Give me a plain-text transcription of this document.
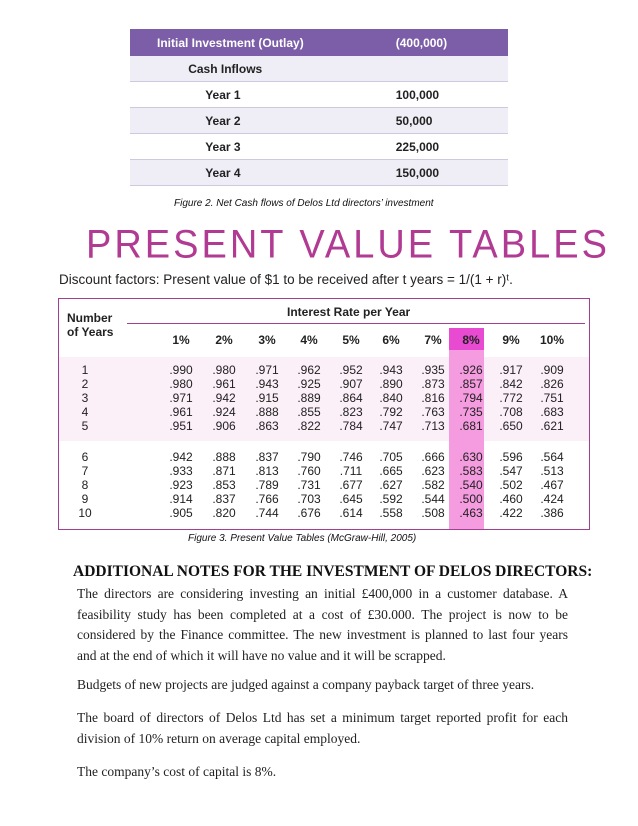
Initial Investment (Outlay)		(400,000)
	Cash Inflows	
	Year 1	100,000
	Year 2	50,000
	Year 3	225,000
	Year 4	150,000
Figure 2. Net Cash flows of Delos Ltd directors’ investment
PRESENT VALUE TABLES
Discount factors: Present value of $1 to be received after t years = 1/(1 + r)ᵗ.
Number
of Years
Interest Rate per Year
1%	2%	3%	4%	5%	6%	7%	8%	9%	10%
1	.990	.980	.971	.962	.952	.943	.935	.926	.917	.909
2	.980	.961	.943	.925	.907	.890	.873	.857	.842	.826
3	.971	.942	.915	.889	.864	.840	.816	.794	.772	.751
4	.961	.924	.888	.855	.823	.792	.763	.735	.708	.683
5	.951	.906	.863	.822	.784	.747	.713	.681	.650	.621
6	.942	.888	.837	.790	.746	.705	.666	.630	.596	.564
7	.933	.871	.813	.760	.711	.665	.623	.583	.547	.513
8	.923	.853	.789	.731	.677	.627	.582	.540	.502	.467
9	.914	.837	.766	.703	.645	.592	.544	.500	.460	.424
10	.905	.820	.744	.676	.614	.558	.508	.463	.422	.386
Figure 3. Present Value Tables (McGraw-Hill, 2005)
ADDITIONAL NOTES FOR THE INVESTMENT OF DELOS DIRECTORS:
The directors are considering investing an initial £400,000 in a customer database. A feasibility study has been completed at a cost of £30.000. The project is now to be considered by the Finance committee. The new investment is planned to last four years and at the end of which it will have no value and it will be scrapped.
Budgets of new projects are judged against a company payback target of three years.
The board of directors of Delos Ltd has set a minimum target reported profit for each division of 10% return on average capital employed.
The company’s cost of capital is 8%.
